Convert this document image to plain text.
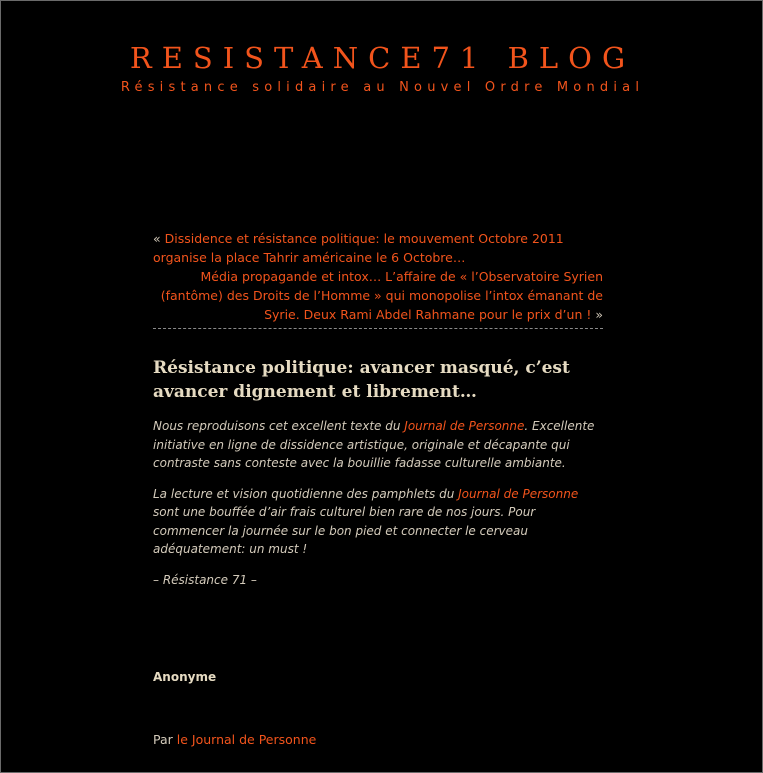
RESISTANCE71 BLOG
Résistance solidaire au Nouvel Ordre Mondial
« Dissidence et résistance politique: le mouvement Octobre 2011 organise la place Tahrir américaine le 6 Octobre…
Média propagande et intox… L’affaire de « l’Observatoire Syrien (fantôme) des Droits de l’Homme » qui monopolise l’intox émanant de Syrie. Deux Rami Abdel Rahmane pour le prix d’un ! »
Résistance politique: avancer masqué, c’est avancer dignement et librement…

Nous reproduisons cet excellent texte du Journal de Personne. Excellente initiative en ligne de dissidence artistique, originale et décapante qui contraste sans conteste avec la bouillie fadasse culturelle ambiante.

La lecture et vision quotidienne des pamphlets du Journal de Personne sont une bouffée d’air frais culturel bien rare de nos jours. Pour commencer la journée sur le bon pied et connecter le cerveau adéquatement: un must !

– Résistance 71 –

Anonyme
Par le Journal de Personne
